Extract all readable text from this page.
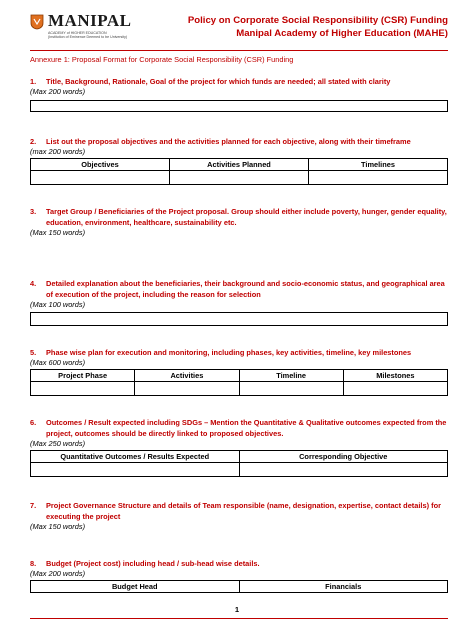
MANIPAL
ACADEMY of HIGHER EDUCATION
(Institution of Eminence Deemed to be University)
Policy on Corporate Social Responsibility (CSR) Funding
Manipal Academy of Higher Education (MAHE)
Annexure 1: Proposal Format for Corporate Social Responsibility (CSR) Funding
1. Title, Background, Rationale, Goal of the project for which funds are needed; all stated with clarity
(Max 200 words)
2. List out the proposal objectives and the activities planned for each objective, along with their timeframe
(max 200 words)
Objectives	Activities Planned	Timelines

3. Target Group / Beneficiaries of the Project proposal. Group should either include poverty, hunger, gender equality, education, environment, healthcare, sustainability etc.
(Max 150 words)
4. Detailed explanation about the beneficiaries, their background and socio-economic status, and geographical area of execution of the project, including the reason for selection
(Max 100 words)
5. Phase wise plan for execution and monitoring, including phases, key activities, timeline, key milestones
(Max 600 words)
Project Phase	Activities	Timeline	Milestones

6. Outcomes / Result expected including SDGs – Mention the Quantitative & Qualitative outcomes expected from the project, outcomes should be directly linked to proposed objectives.
(Max 250 words)
Quantitative Outcomes / Results Expected	Corresponding Objective

7. Project Governance Structure and details of Team responsible (name, designation, expertise, contact details) for executing the project
(Max 150 words)
8. Budget (Project cost) including head / sub-head wise details.
(Max 200 words)
Budget Head	Financials
1
